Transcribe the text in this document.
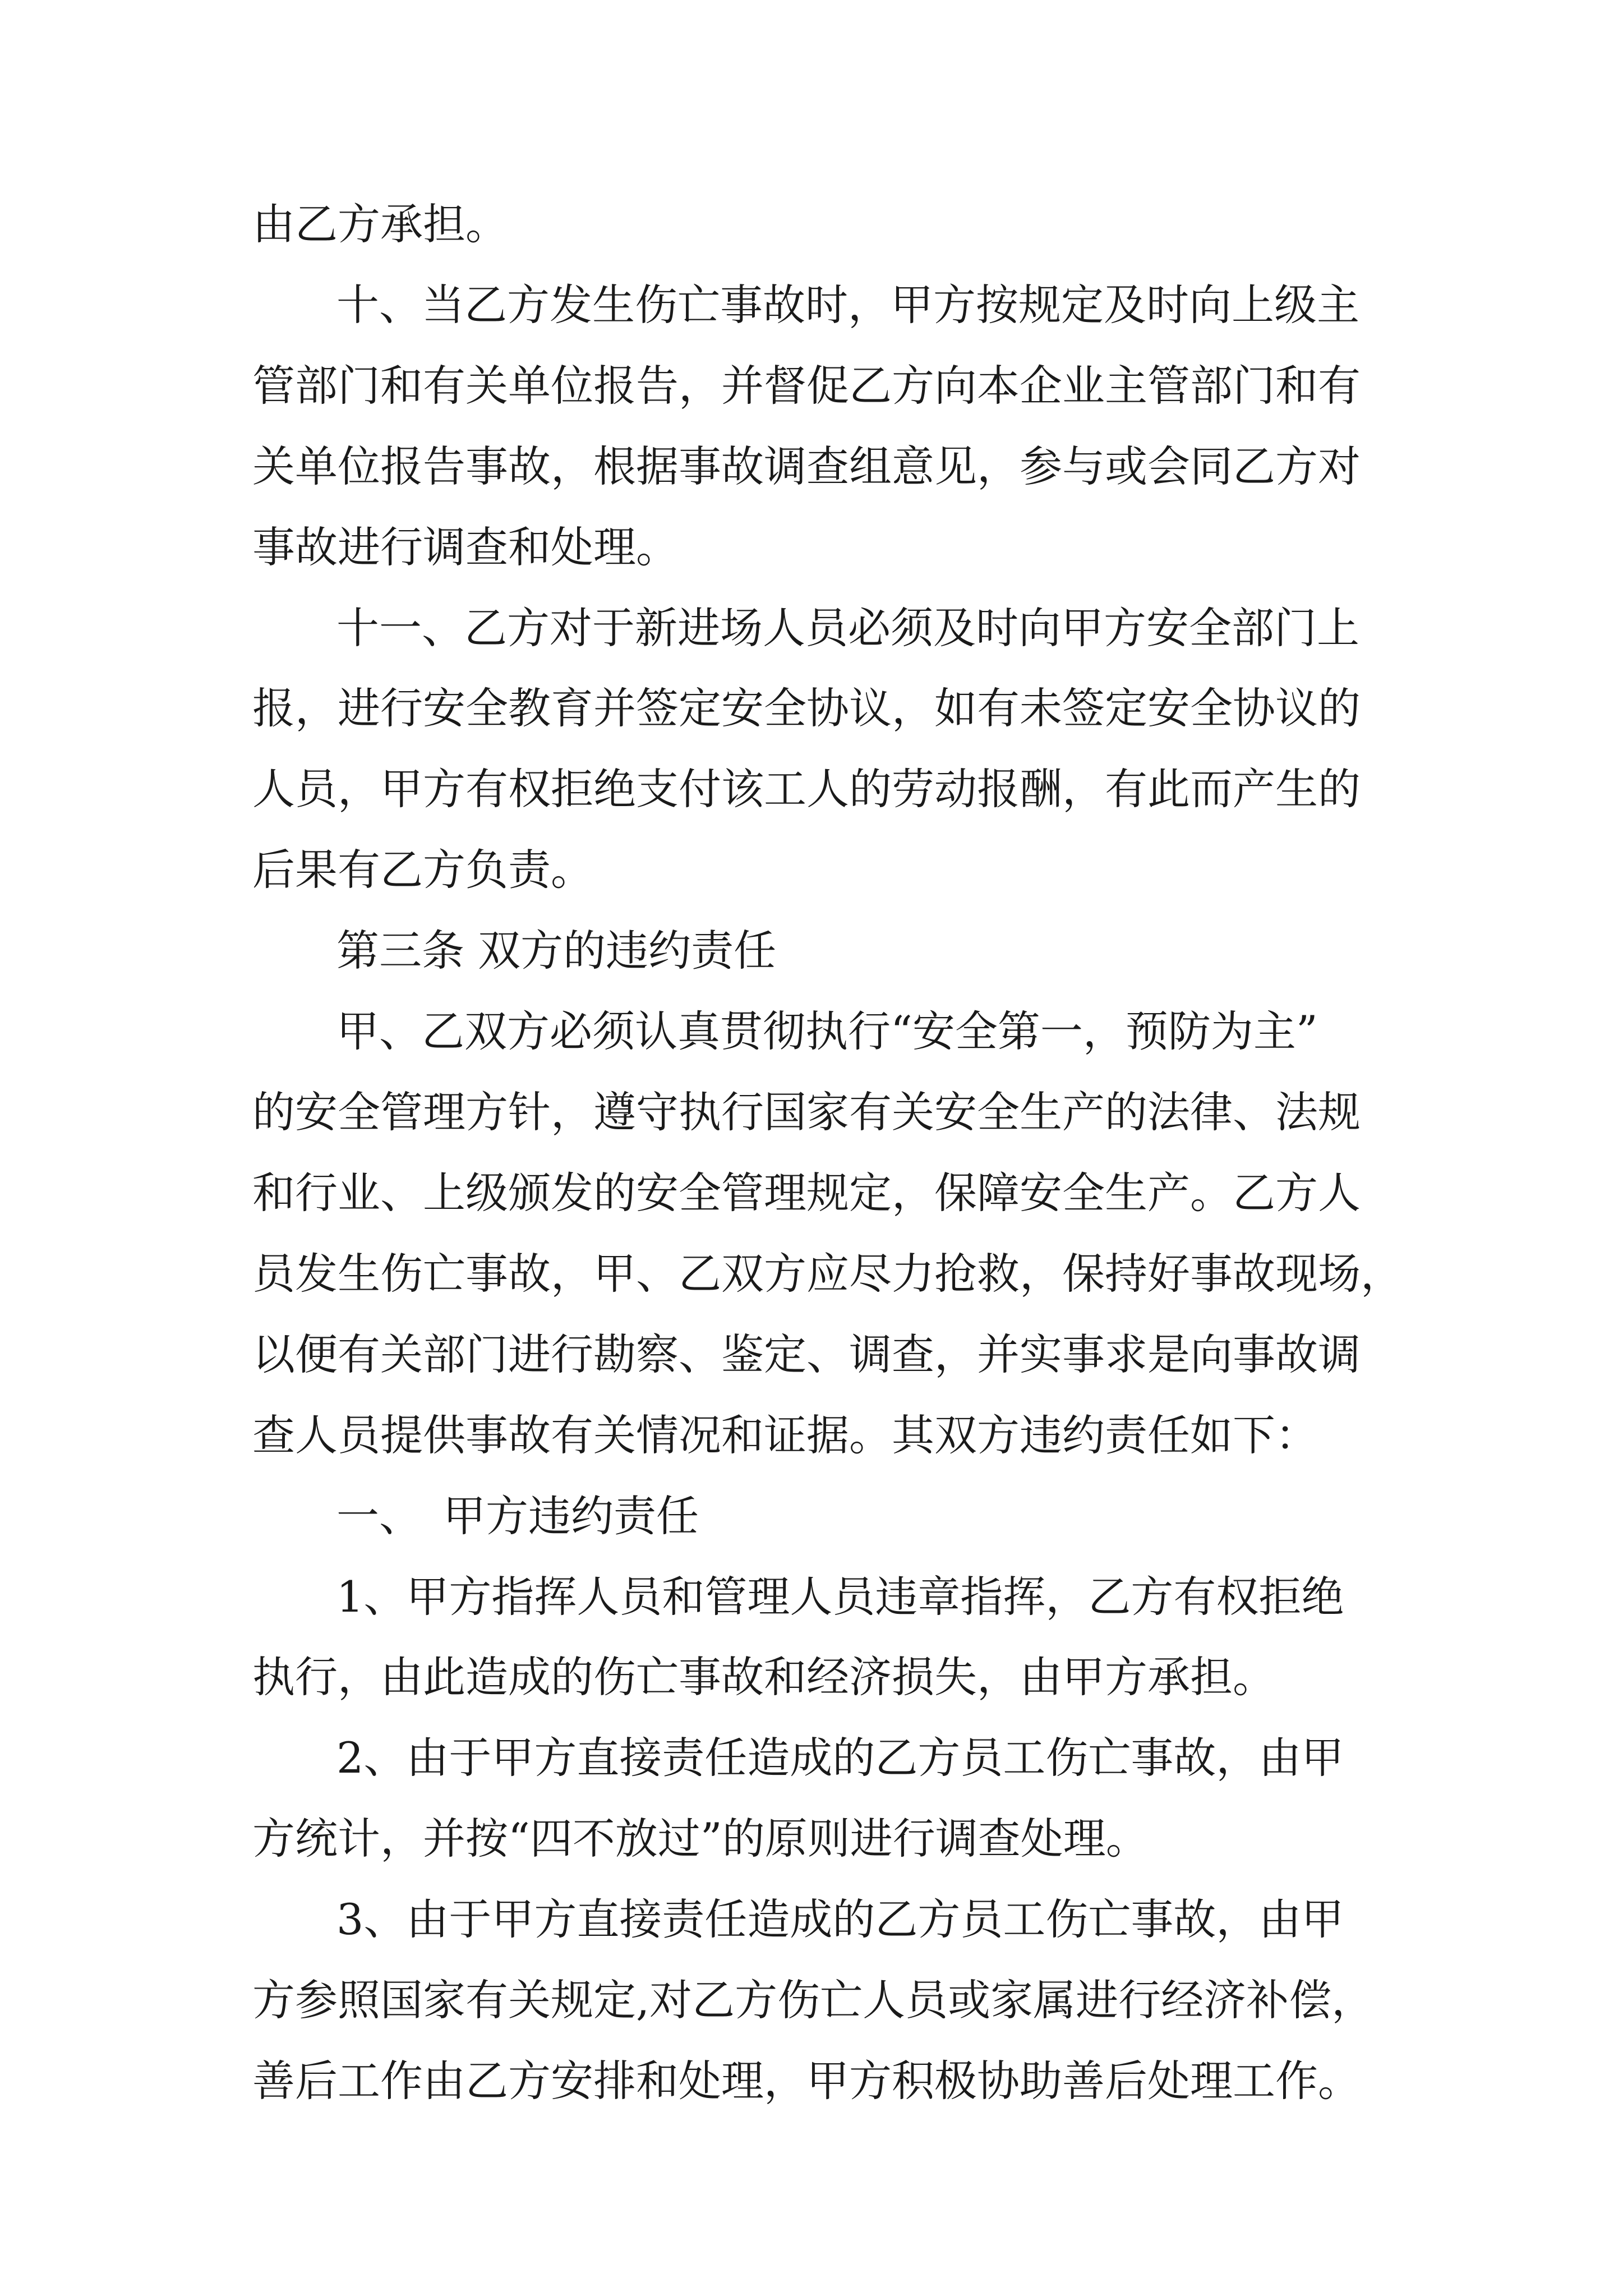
由乙方承担。

十、当乙方发生伤亡事故时，甲方按规定及时向上级主

管部门和有关单位报告，并督促乙方向本企业主管部门和有

关单位报告事故，根据事故调查组意见，参与或会同乙方对

事故进行调查和处理。

十一、乙方对于新进场人员必须及时向甲方安全部门上

报，进行安全教育并签定安全协议，如有未签定安全协议的

人员，甲方有权拒绝支付该工人的劳动报酬，有此而产生的

后果有乙方负责。

第三条 双方的违约责任

甲、乙双方必须认真贯彻执行“安全第一，预防为主”

的安全管理方针，遵守执行国家有关安全生产的法律、法规

和行业、上级颁发的安全管理规定，保障安全生产。乙方人

员发生伤亡事故，甲、乙双方应尽力抢救，保持好事故现场，

以便有关部门进行勘察、鉴定、调查，并实事求是向事故调

查人员提供事故有关情况和证据。其双方违约责任如下：

一、　甲方违约责任

1、甲方指挥人员和管理人员违章指挥，乙方有权拒绝

执行，由此造成的伤亡事故和经济损失，由甲方承担。

2、由于甲方直接责任造成的乙方员工伤亡事故，由甲

方统计，并按“四不放过”的原则进行调查处理。

3、由于甲方直接责任造成的乙方员工伤亡事故，由甲

方参照国家有关规定,对乙方伤亡人员或家属进行经济补偿，

善后工作由乙方安排和处理，甲方积极协助善后处理工作。
